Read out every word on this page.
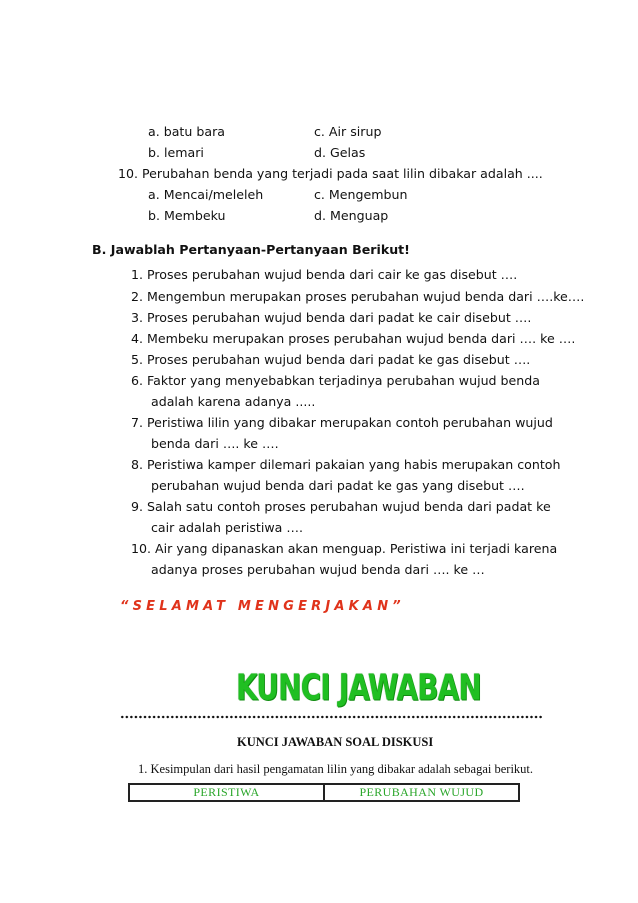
a. batu bara	c. Air sirup
b. lemari	d. Gelas
10. Perubahan benda yang terjadi pada saat lilin dibakar adalah ....
a. Mencai/meleleh	c. Mengembun
b. Membeku	d. Menguap
B. Jawablah Pertanyaan-Pertanyaan Berikut!
1. Proses perubahan wujud benda dari cair ke gas disebut ….
2. Mengembun merupakan proses perubahan wujud benda dari ….ke….
3. Proses perubahan wujud benda dari padat ke cair disebut ….
4. Membeku merupakan proses perubahan wujud benda dari …. ke ….
5. Proses perubahan wujud benda dari padat ke gas disebut ….
6. Faktor yang menyebabkan terjadinya perubahan wujud benda
adalah karena adanya .....
7. Peristiwa lilin yang dibakar merupakan contoh perubahan wujud
benda dari …. ke ….
8. Peristiwa kamper dilemari pakaian yang habis merupakan contoh
perubahan wujud benda dari padat ke gas yang disebut ….
9. Salah satu contoh proses perubahan wujud benda dari padat ke
cair adalah peristiwa ….
10. Air yang dipanaskan akan menguap. Peristiwa ini terjadi karena
adanya proses perubahan wujud benda dari …. ke …
“SELAMAT MENGERJAKAN”
KUNCI JAWABAN
KUNCI JAWABAN SOAL DISKUSI
1. Kesimpulan dari hasil pengamatan lilin yang dibakar adalah sebagai berikut.
PERISTIWA	PERUBAHAN WUJUD
